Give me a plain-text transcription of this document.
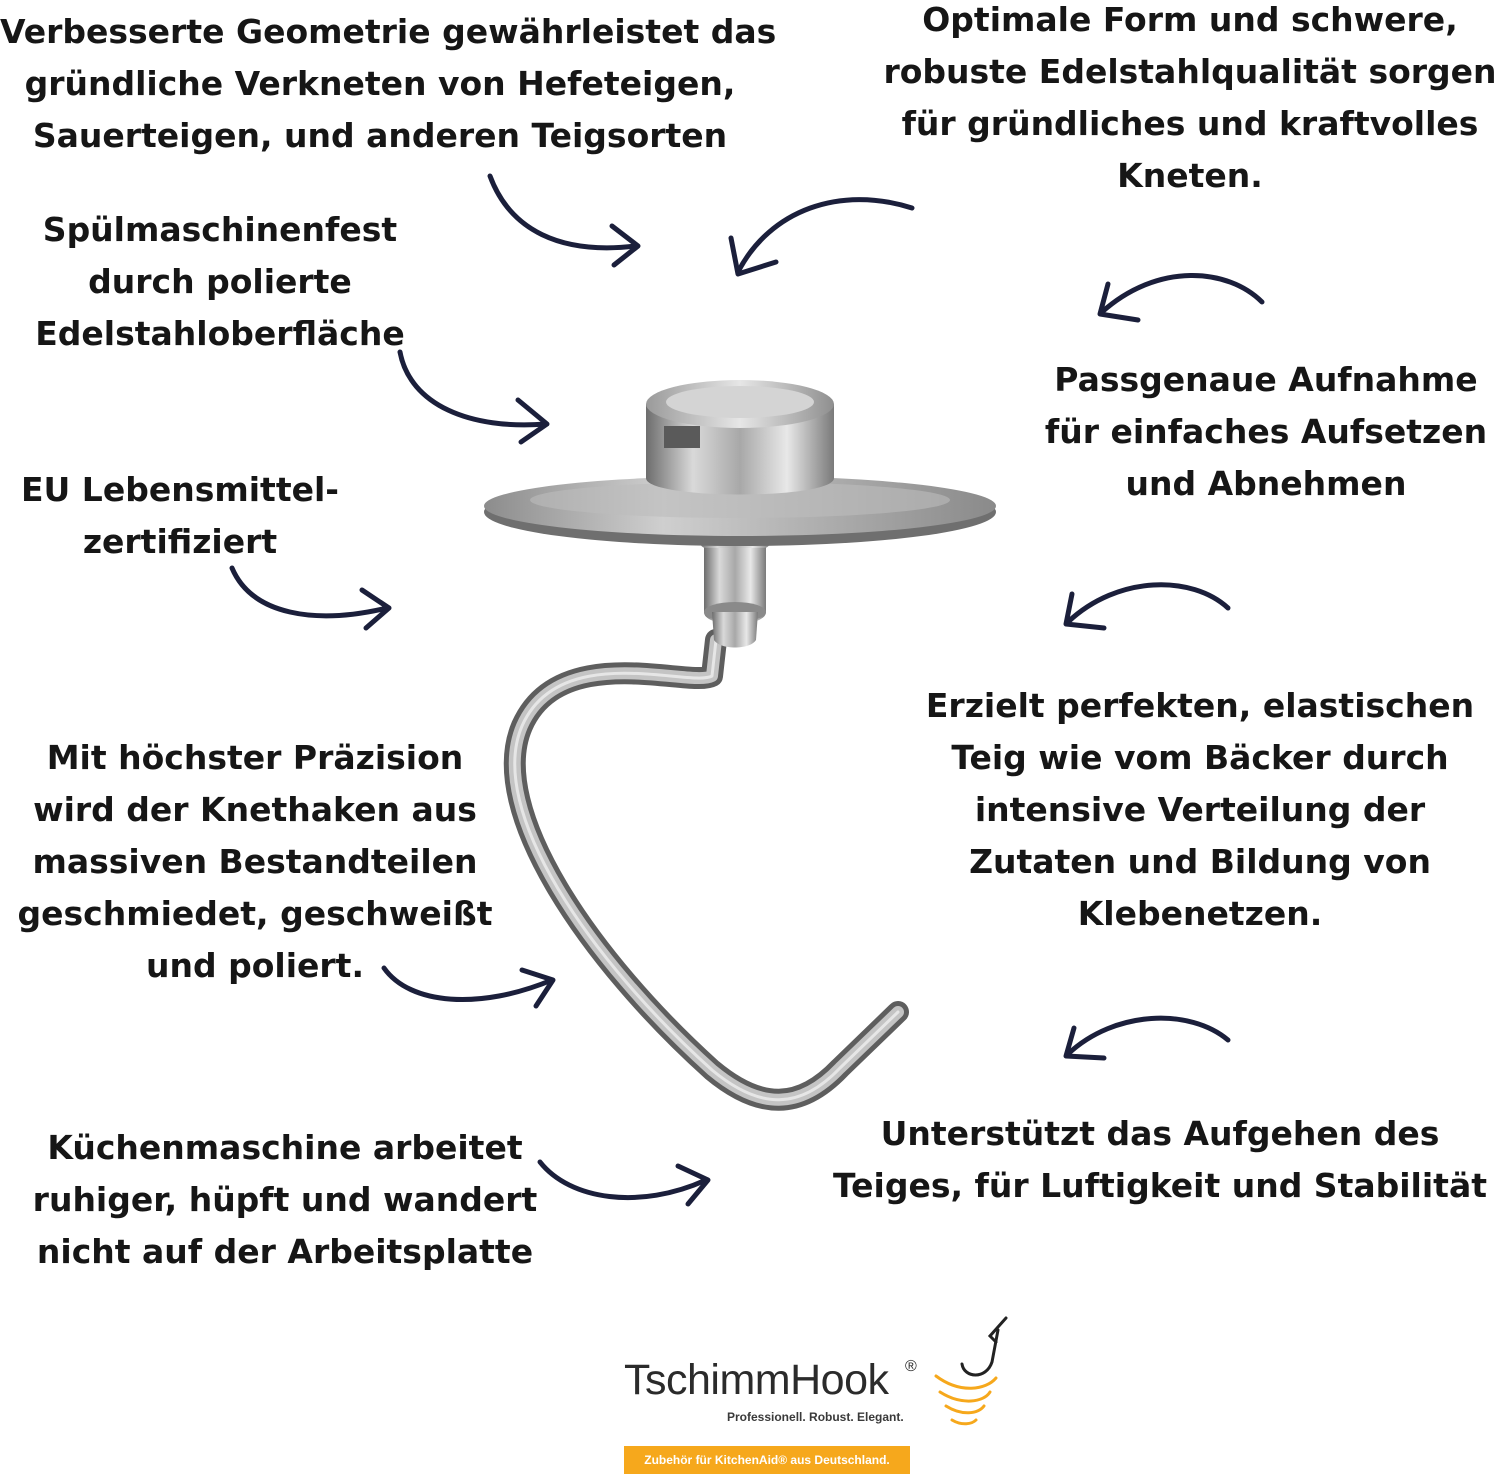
Verbesserte Geometrie gewährleistet das
gründliche Verkneten von Hefeteigen,
Sauerteigen, und anderen Teigsorten

Optimale Form und schwere,
robuste Edelstahlqualität sorgen
für gründliches und kraftvolles
Kneten.

Spülmaschinenfest
durch polierte
Edelstahloberfläche

Passgenaue Aufnahme
für einfaches Aufsetzen
und Abnehmen

EU Lebensmittel-
zertifiziert

Erzielt perfekten, elastischen
Teig wie vom Bäcker durch
intensive Verteilung der
Zutaten und Bildung von
Klebenetzen.

Mit höchster Präzision
wird der Knethaken aus
massiven Bestandteilen
geschmiedet, geschweißt
und poliert.

Unterstützt das Aufgehen des
Teiges, für Luftigkeit und Stabilität

Küchenmaschine arbeitet
ruhiger, hüpft und wandert
nicht auf der Arbeitsplatte

TschimmHook ®
Professionell. Robust. Elegant.
Zubehör für KitchenAid® aus Deutschland.
